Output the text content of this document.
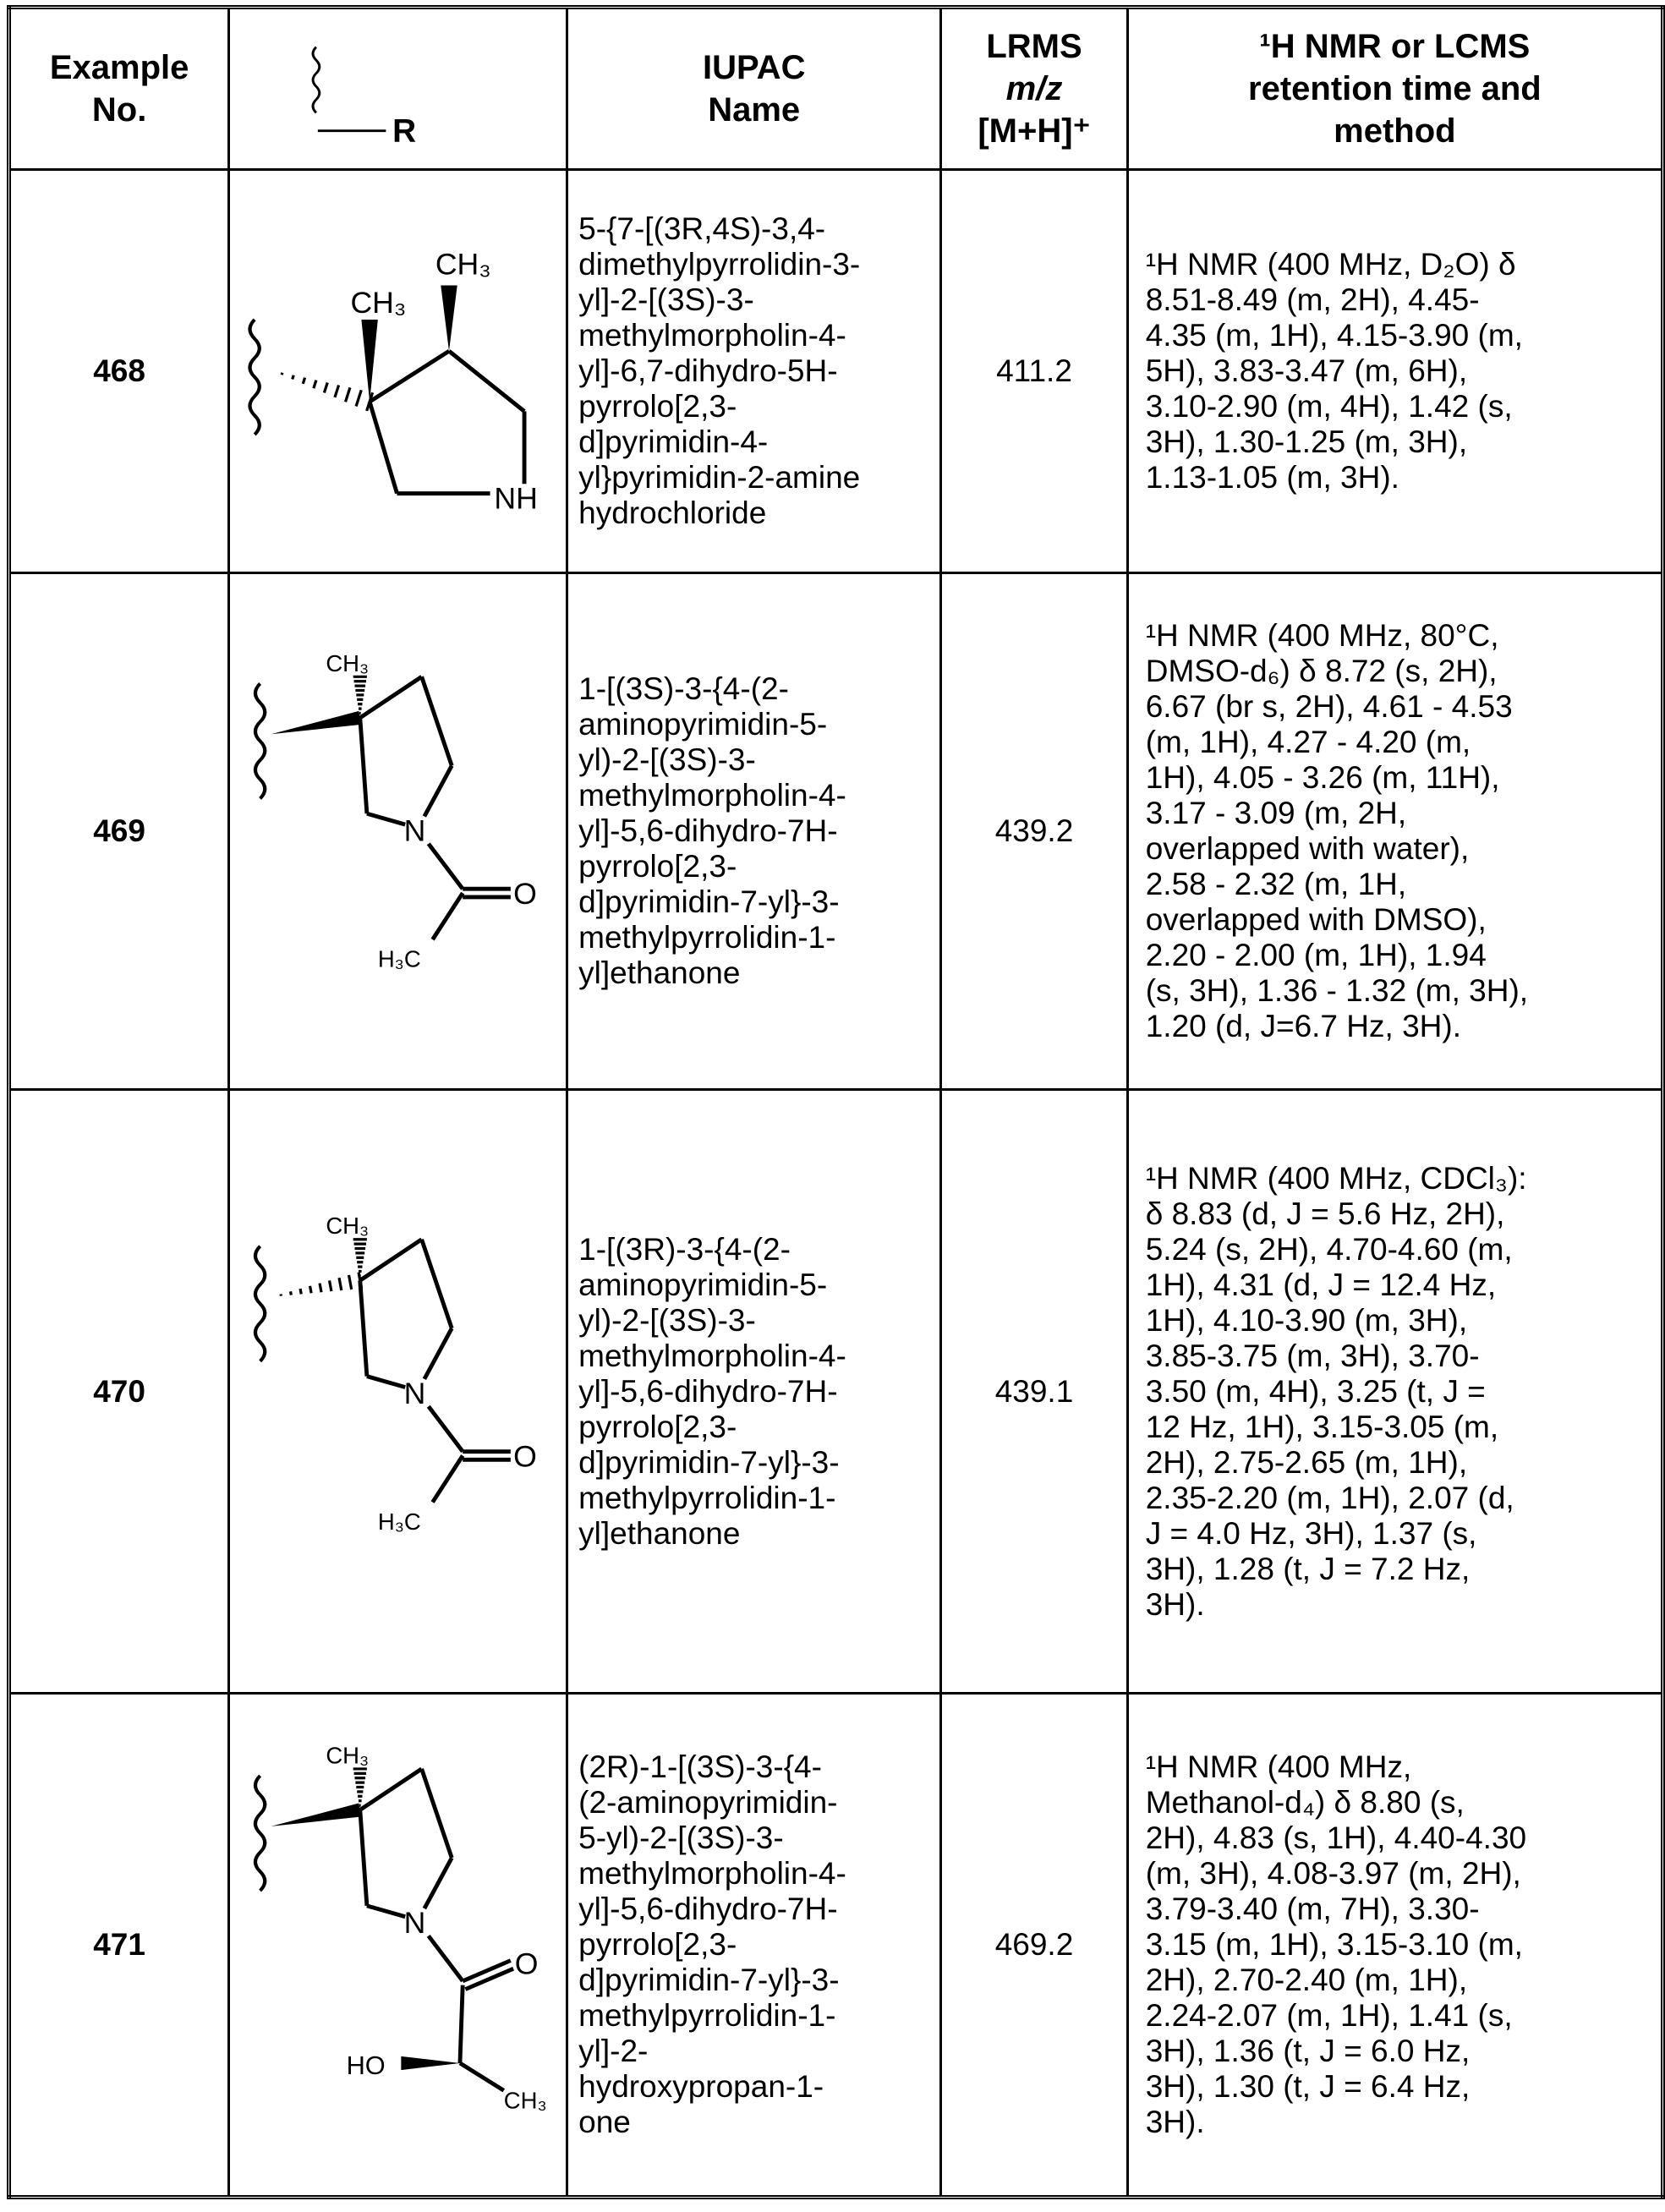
Example
No.

R

IUPAC
Name

LRMS
m/z
[M+H]⁺

¹H NMR or LCMS
retention time and
method

468	
CH₃
CH₃
NH

5-{7-[(3R,4S)-3,4-
dimethylpyrrolidin-3-
yl]-2-[(3S)-3-
methylmorpholin-4-
yl]-6,7-dihydro-5H-
pyrrolo[2,3-
d]pyrimidin-4-
yl}pyrimidin-2-amine
hydrochloride
	411.2	
¹H NMR (400 MHz, D₂O) δ
8.51-8.49 (m, 2H), 4.45-
4.35 (m, 1H), 4.15-3.90 (m,
5H), 3.83-3.47 (m, 6H),
3.10-2.90 (m, 4H), 1.42 (s,
3H), 1.30-1.25 (m, 3H),
1.13-1.05 (m, 3H).

469	
CH₃
N
O
H₃C

1-[(3S)-3-{4-(2-
aminopyrimidin-5-
yl)-2-[(3S)-3-
methylmorpholin-4-
yl]-5,6-dihydro-7H-
pyrrolo[2,3-
d]pyrimidin-7-yl}-3-
methylpyrrolidin-1-
yl]ethanone
	439.2	
¹H NMR (400 MHz, 80°C,
DMSO-d₆) δ 8.72 (s, 2H),
6.67 (br s, 2H), 4.61 - 4.53
(m, 1H), 4.27 - 4.20 (m,
1H), 4.05 - 3.26 (m, 11H),
3.17 - 3.09 (m, 2H,
overlapped with water),
2.58 - 2.32 (m, 1H,
overlapped with DMSO),
2.20 - 2.00 (m, 1H), 1.94
(s, 3H), 1.36 - 1.32 (m, 3H),
1.20 (d, J=6.7 Hz, 3H).

470	
CH₃
N
O
H₃C

1-[(3R)-3-{4-(2-
aminopyrimidin-5-
yl)-2-[(3S)-3-
methylmorpholin-4-
yl]-5,6-dihydro-7H-
pyrrolo[2,3-
d]pyrimidin-7-yl}-3-
methylpyrrolidin-1-
yl]ethanone
	439.1	
¹H NMR (400 MHz, CDCl₃):
δ 8.83 (d, J = 5.6 Hz, 2H),
5.24 (s, 2H), 4.70-4.60 (m,
1H), 4.31 (d, J = 12.4 Hz,
1H), 4.10-3.90 (m, 3H),
3.85-3.75 (m, 3H), 3.70-
3.50 (m, 4H), 3.25 (t, J =
12 Hz, 1H), 3.15-3.05 (m,
2H), 2.75-2.65 (m, 1H),
2.35-2.20 (m, 1H), 2.07 (d,
J = 4.0 Hz, 3H), 1.37 (s,
3H), 1.28 (t, J = 7.2 Hz,
3H).

471	
CH₃
N
O
HO
CH₃

(2R)-1-[(3S)-3-{4-
(2-aminopyrimidin-
5-yl)-2-[(3S)-3-
methylmorpholin-4-
yl]-5,6-dihydro-7H-
pyrrolo[2,3-
d]pyrimidin-7-yl}-3-
methylpyrrolidin-1-
yl]-2-
hydroxypropan-1-
one
	469.2	
¹H NMR (400 MHz,
Methanol-d₄) δ 8.80 (s,
2H), 4.83 (s, 1H), 4.40-4.30
(m, 3H), 4.08-3.97 (m, 2H),
3.79-3.40 (m, 7H), 3.30-
3.15 (m, 1H), 3.15-3.10 (m,
2H), 2.70-2.40 (m, 1H),
2.24-2.07 (m, 1H), 1.41 (s,
3H), 1.36 (t, J = 6.0 Hz,
3H), 1.30 (t, J = 6.4 Hz,
3H).
